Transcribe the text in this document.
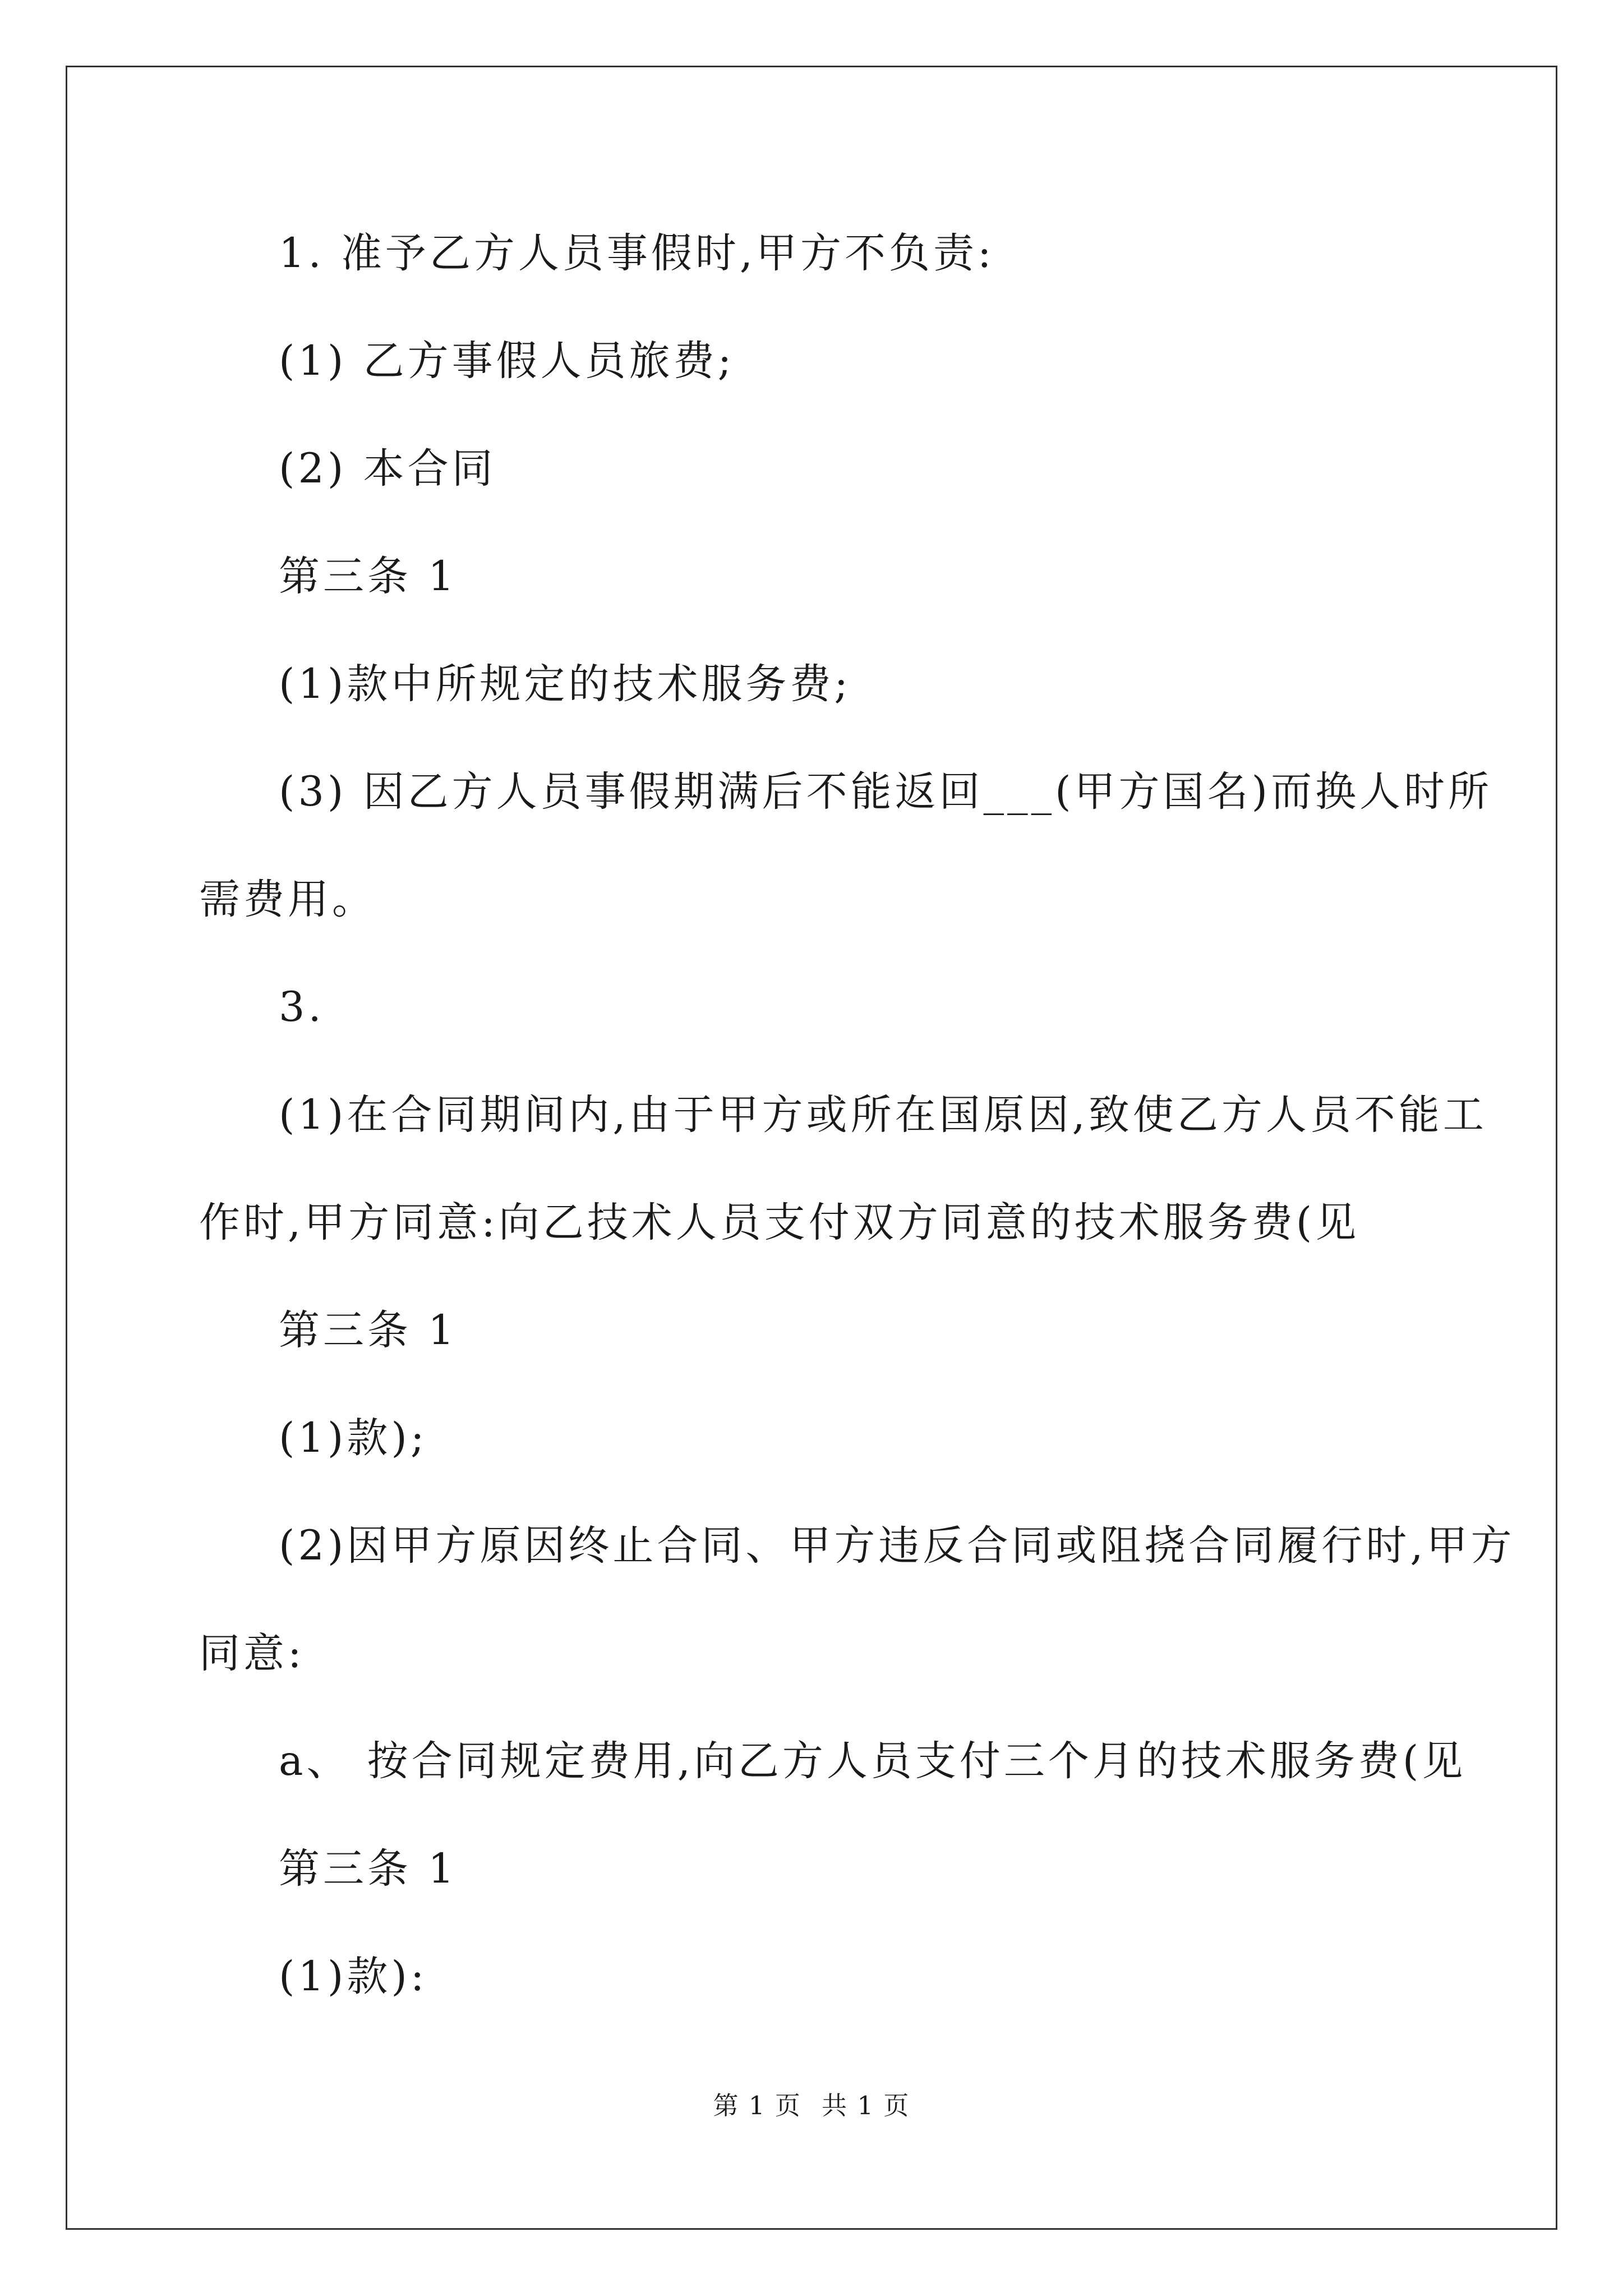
1. 准予乙方人员事假时,甲方不负责:
(1) 乙方事假人员旅费;
(2) 本合同
第三条 1
(1)款中所规定的技术服务费;
(3) 因乙方人员事假期满后不能返回___(甲方国名)而换人时所
需费用。
3.
(1)在合同期间内,由于甲方或所在国原因,致使乙方人员不能工
作时,甲方同意:向乙技术人员支付双方同意的技术服务费(见
第三条 1
(1)款);
(2)因甲方原因终止合同、甲方违反合同或阻挠合同履行时,甲方
同意:
a、 按合同规定费用,向乙方人员支付三个月的技术服务费(见
第三条 1
(1)款):
第 1 页 共 1 页
